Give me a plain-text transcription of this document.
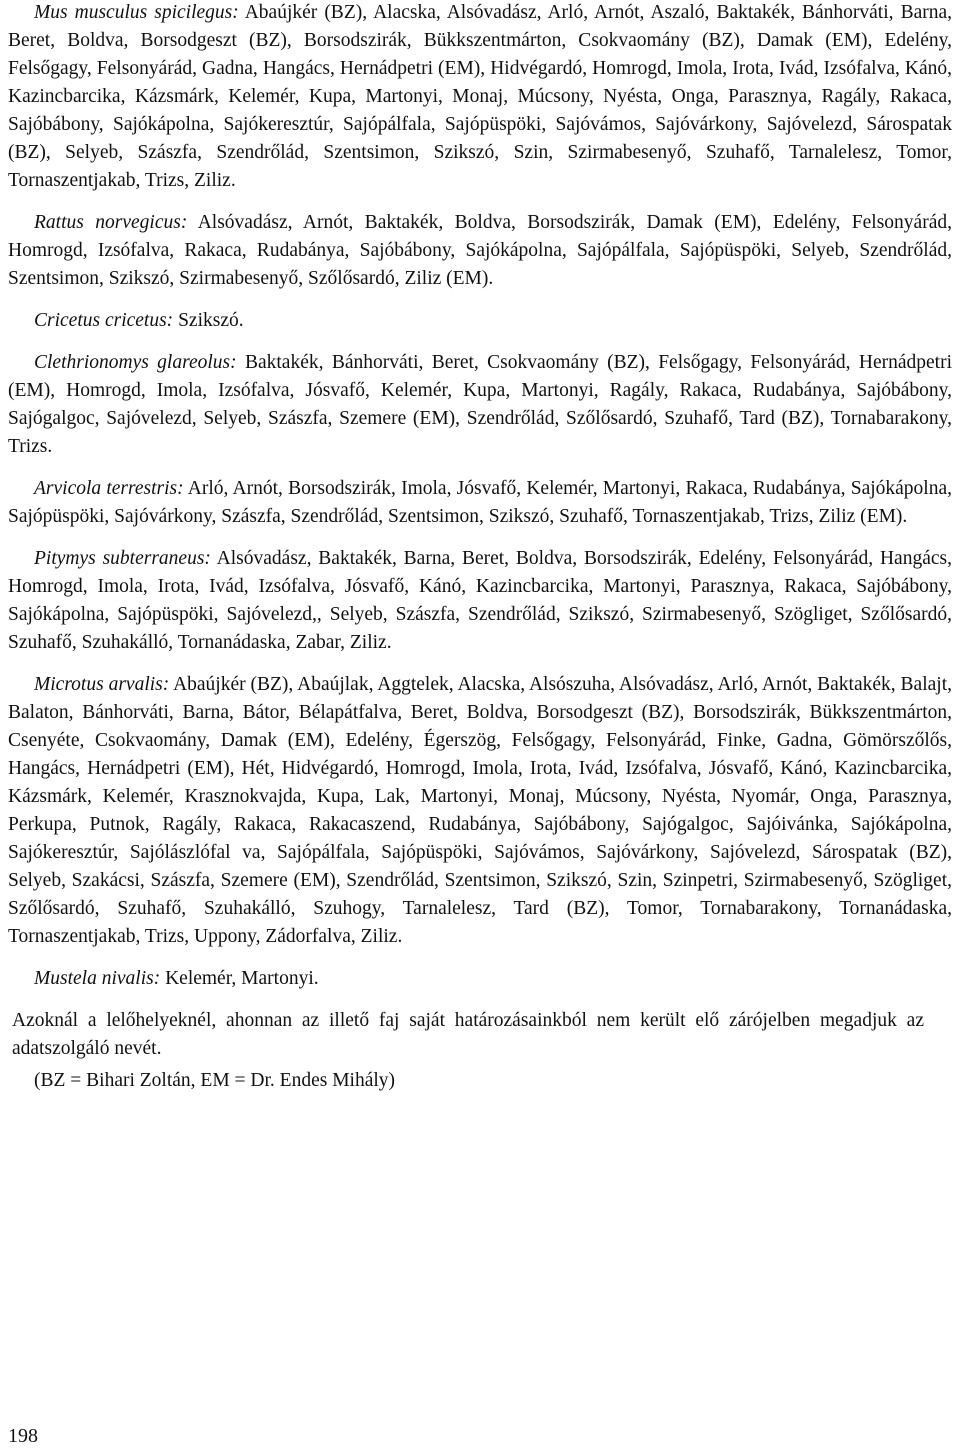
Mus musculus spicilegus: Abaújkér (BZ), Alacska, Alsóvadász, Arló, Arnót, Aszaló, Baktakék, Bánhorváti, Barna, Beret, Boldva, Borsodgeszt (BZ), Borsodszirák, Bükkszentmárton, Csokvaomány (BZ), Damak (EM), Edelény, Felsőgagy, Felsonyárád, Gadna, Hangács, Hernádpetri (EM), Hidvégardó, Homrogd, Imola, Irota, Ivád, Izsófalva, Kánó, Kazincbarcika, Kázsmárk, Kelemér, Kupa, Martonyi, Monaj, Múcsony, Nyésta, Onga, Parasznya, Ragály, Rakaca, Sajóbábony, Sajókápolna, Sajókeresztúr, Sajópálfala, Sajópüspöki, Sajóvámos, Sajóvárkony, Sajóvelezd, Sárospatak (BZ), Selyeb, Szászfa, Szendrőlád, Szentsimon, Szikszó, Szin, Szirmabesenyő, Szuhafő, Tarnalelesz, Tomor, Tornaszentjakab, Trizs, Ziliz.

Rattus norvegicus: Alsóvadász, Arnót, Baktakék, Boldva, Borsodszirák, Damak (EM), Edelény, Felsonyárád, Homrogd, Izsófalva, Rakaca, Rudabánya, Sajóbábony, Sajókápolna, Sajópálfala, Sajópüspöki, Selyeb, Szendrőlád, Szentsimon, Szikszó, Szirmabesenyő, Szőlősardó, Ziliz (EM).

Cricetus cricetus: Szikszó.

Clethrionomys glareolus: Baktakék, Bánhorváti, Beret, Csokvaomány (BZ), Felsőgagy, Felsonyárád, Hernádpetri (EM), Homrogd, Imola, Izsófalva, Jósvafő, Kelemér, Kupa, Martonyi, Ragály, Rakaca, Rudabánya, Sajóbábony, Sajógalgoc, Sajóvelezd, Selyeb, Szászfa, Szemere (EM), Szendrőlád, Szőlősardó, Szuhafő, Tard (BZ), Tornabarakony, Trizs.

Arvicola terrestris: Arló, Arnót, Borsodszirák, Imola, Jósvafő, Kelemér, Martonyi, Rakaca, Rudabánya, Sajókápolna, Sajópüspöki, Sajóvárkony, Szászfa, Szendrőlád, Szentsimon, Szikszó, Szuhafő, Tornaszentjakab, Trizs, Ziliz (EM).

Pitymys subterraneus: Alsóvadász, Baktakék, Barna, Beret, Boldva, Borsodszirák, Edelény, Felsonyárád, Hangács, Homrogd, Imola, Irota, Ivád, Izsófalva, Jósvafő, Kánó, Kazincbarcika, Martonyi, Parasznya, Rakaca, Sajóbábony, Sajókápolna, Sajópüspöki, Sajóvelezd,, Selyeb, Szászfa, Szendrőlád, Szikszó, Szirmabesenyő, Szögliget, Szőlősardó, Szuhafő, Szuhakálló, Tornanádaska, Zabar, Ziliz.

Microtus arvalis: Abaújkér (BZ), Abaújlak, Aggtelek, Alacska, Alsószuha, Alsóvadász, Arló, Arnót, Baktakék, Balajt, Balaton, Bánhorváti, Barna, Bátor, Bélapátfalva, Beret, Boldva, Borsodgeszt (BZ), Borsodszirák, Bükkszentmárton, Csenyéte, Csokvaomány, Damak (EM), Edelény, Égerszög, Felsőgagy, Felsonyárád, Finke, Gadna, Gömörszőlős, Hangács, Hernádpetri (EM), Hét, Hidvégardó, Homrogd, Imola, Irota, Ivád, Izsófalva, Jósvafő, Kánó, Kazincbarcika, Kázsmárk, Kelemér, Krasznokvajda, Kupa, Lak, Martonyi, Monaj, Múcsony, Nyésta, Nyomár, Onga, Parasznya, Perkupa, Putnok, Ragály, Rakaca, Rakacaszend, Rudabánya, Sajóbábony, Sajógalgoc, Sajóivánka, Sajókápolna, Sajókeresztúr, Sajólászlófal va, Sajópálfala, Sajópüspöki, Sajóvámos, Sajóvárkony, Sajóvelezd, Sárospatak (BZ), Selyeb, Szakácsi, Szászfa, Szemere (EM), Szendrőlád, Szentsimon, Szikszó, Szin, Szinpetri, Szirmabesenyő, Szögliget, Szőlősardó, Szuhafő, Szuhakálló, Szuhogy, Tarnalelesz, Tard (BZ), Tomor, Tornabarakony, Tornanádaska, Tornaszentjakab, Trizs, Uppony, Zádorfalva, Ziliz.

Mustela nivalis: Kelemér, Martonyi.

Azoknál a lelőhelyeknél, ahonnan az illető faj saját határozásainkból nem került elő zárójelben megadjuk az adatszolgáló nevét.

(BZ = Bihari Zoltán, EM = Dr. Endes Mihály)

198
